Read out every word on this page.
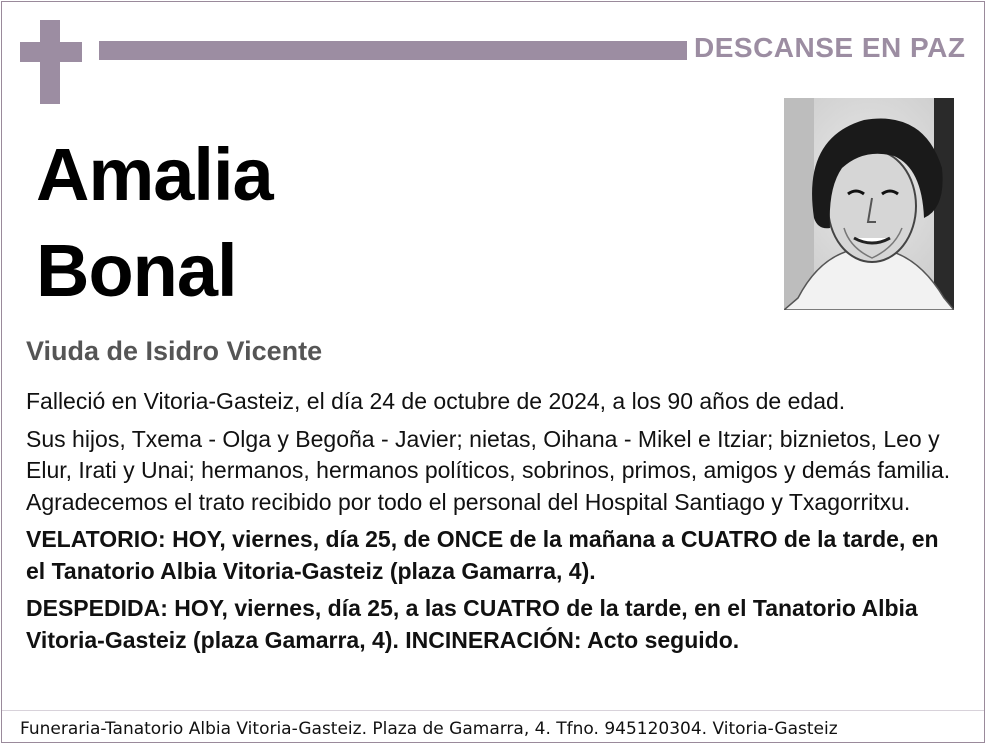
DESCANSE EN PAZ
Amalia
Bonal
Viuda de Isidro Vicente

Falleció en Vitoria-Gasteiz, el día 24 de octubre de 2024, a los 90 años de edad.

Sus hijos, Txema - Olga y Begoña - Javier; nietas, Oihana - Mikel e Itziar; biznietos, Leo y Elur, Irati y Unai; hermanos, hermanos políticos, sobrinos, primos, amigos y demás familia. Agradecemos el trato recibido por todo el personal del Hospital Santiago y Txagorritxu.

VELATORIO: HOY, viernes, día 25, de ONCE de la mañana a CUATRO de la tarde, en el Tanatorio Albia Vitoria-Gasteiz (plaza Gamarra, 4).

DESPEDIDA: HOY, viernes, día 25, a las CUATRO de la tarde, en el Tanatorio Albia Vitoria-Gasteiz (plaza Gamarra, 4). INCINERACIÓN: Acto seguido.

Funeraria-Tanatorio Albia Vitoria-Gasteiz. Plaza de Gamarra, 4. Tfno. 945120304. Vitoria-Gasteiz
